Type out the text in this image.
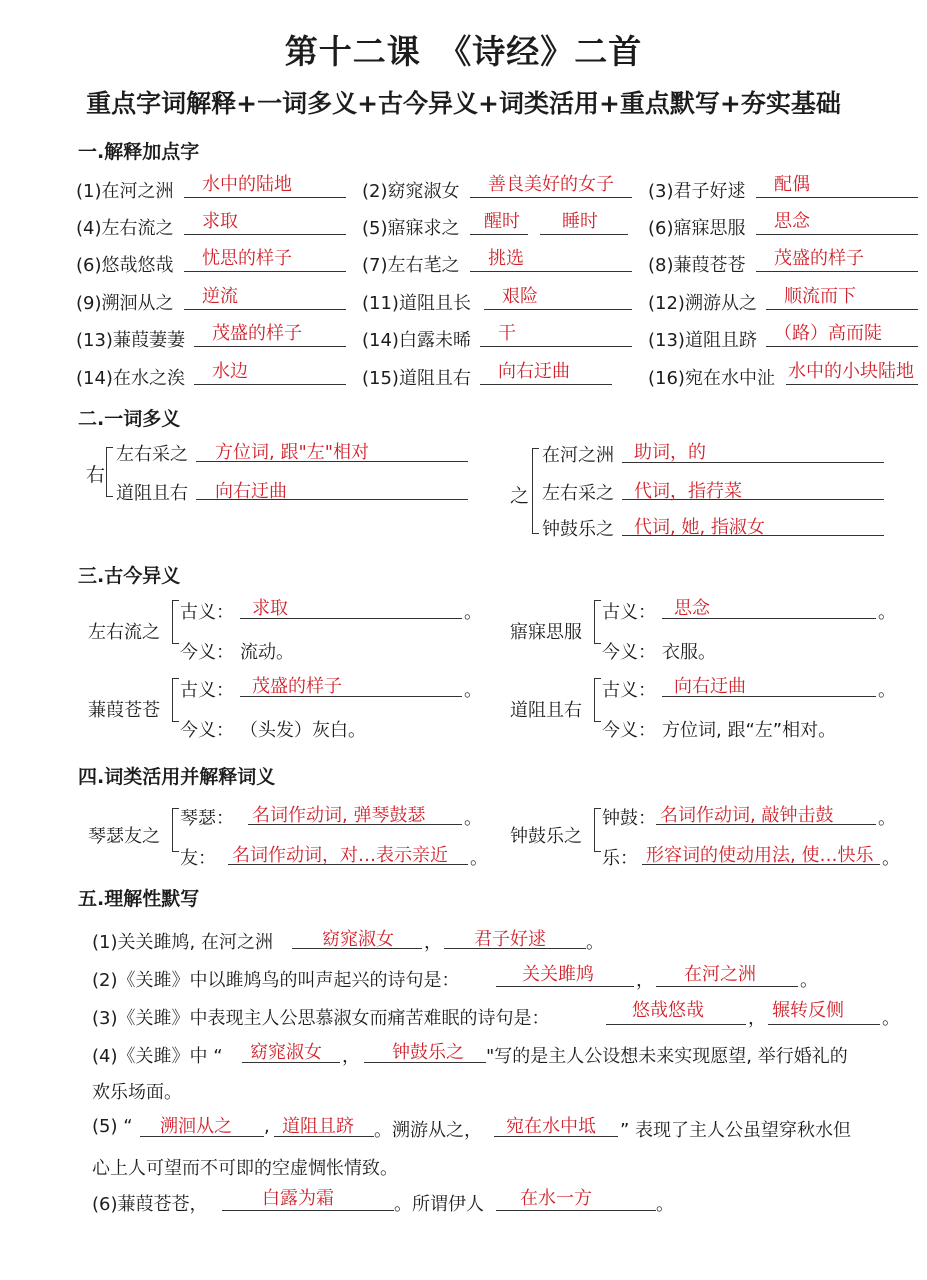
第十二课　《诗经》二首
重点字词解释+一词多义+古今异义+词类活用+重点默写+夯实基础
一.解释加点字
(1)在河之洲 水中的陆地	(2)窈窕淑女 善良美好的女子 (3)君子好逑 配偶
(4)左右流之 求取	(5)寤寐求之 醒时 睡时	(6)寤寐思服 思念
(6)悠哉悠哉 忧思的样子	(7)左右芼之 挑选	(8)蒹葭苍苍 茂盛的样子
(9)溯洄从之 逆流	(11)道阻且长 艰险	(12)溯游从之 顺流而下
(13)蒹葭萋萋 茂盛的样子	(14)白露未晞 干	(13)道阻且跻 （路）高而陡
(14)在水之涘 水边	(15)道阻且右 向右迂曲	(16)宛在水中沚 水中的小块陆地
二.一词多义
右
左右采之 方位词, 跟"左"相对
道阻且右 向右迂曲	之
在河之洲 助词，的
左右采之 代词，指荇菜
钟鼓乐之 代词, 她, 指淑女
三.古今异义
左右流之
古义： 求取	。
今义： 流动。
寤寐思服
古义： 思念	。
今义： 衣服。
蒹葭苍苍
古义： 茂盛的样子	。
今义： （头发）灰白。
道阻且右
古义： 向右迂曲	。
今义： 方位词, 跟“左”相对。
四.词类活用并解释词义
琴瑟友之
琴瑟： 名词作动词, 弹琴鼓瑟 。
友： 名词作动词，对…表示亲近 。
钟鼓乐之
钟鼓： 名词作动词, 敲钟击鼓 。
乐： 形容词的使动用法, 使…快乐 。
五.理解性默写
(1)关关雎鸠, 在河之洲	窈窕淑女 ， 君子好逑 。
(2)《关雎》中以雎鸠鸟的叫声起兴的诗句是：	关关雎鸠 ， 在河之洲 。
(3)《关雎》中表现主人公思慕淑女而痛苦难眠的诗句是：	悠哉悠哉 ， 辗转反侧 。
(4)《关雎》中 “ 窈窕淑女 ， 钟鼓乐之 "写的是主人公设想未来实现愿望, 举行婚礼的
欢乐场面。
(5) “ 溯洄从之 , 道阻且跻 。溯游从之， 宛在水中坻 ” 表现了主人公虽望穿秋水但
心上人可望而不可即的空虚惆怅情致。
(6)蒹葭苍苍，	白露为霜	。所谓伊人 在水一方	。
